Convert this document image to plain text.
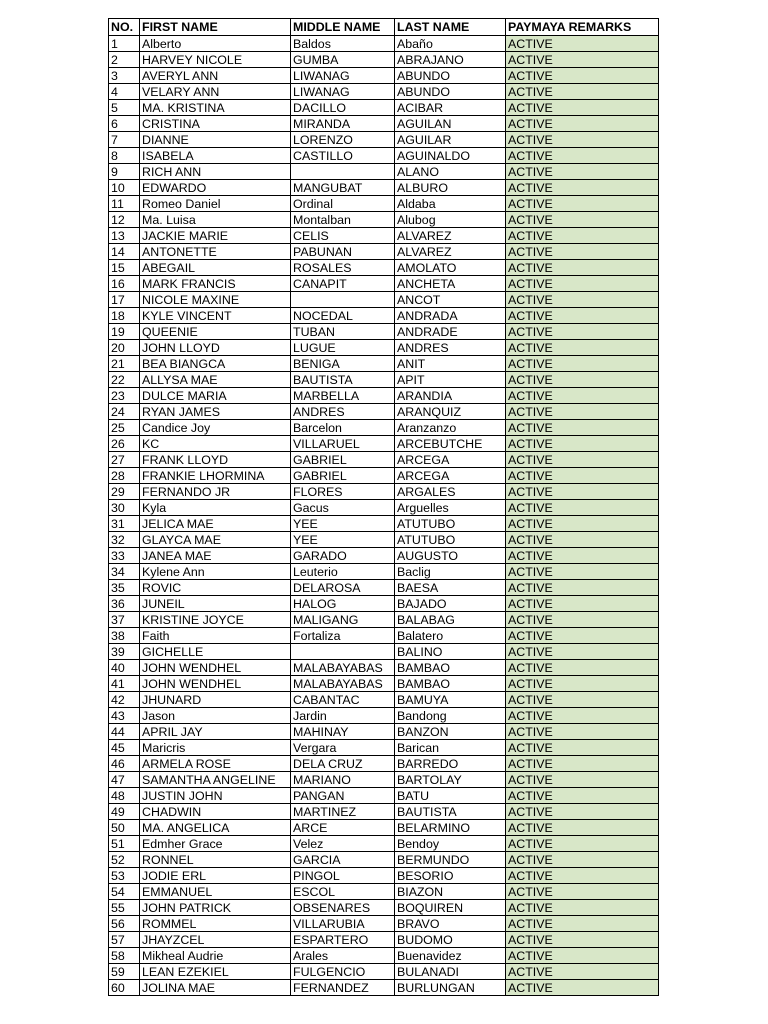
NO.	FIRST NAME	MIDDLE NAME	LAST NAME	PAYMAYA REMARKS
1	Alberto	Baldos	Abaño	ACTIVE
2	HARVEY NICOLE	GUMBA	ABRAJANO	ACTIVE
3	AVERYL ANN	LIWANAG	ABUNDO	ACTIVE
4	VELARY ANN	LIWANAG	ABUNDO	ACTIVE
5	MA. KRISTINA	DACILLO	ACIBAR	ACTIVE
6	CRISTINA	MIRANDA	AGUILAN	ACTIVE
7	DIANNE	LORENZO	AGUILAR	ACTIVE
8	ISABELA	CASTILLO	AGUINALDO	ACTIVE
9	RICH ANN		ALANO	ACTIVE
10	EDWARDO	MANGUBAT	ALBURO	ACTIVE
11	Romeo Daniel	Ordinal	Aldaba	ACTIVE
12	Ma. Luisa	Montalban	Alubog	ACTIVE
13	JACKIE MARIE	CELIS	ALVAREZ	ACTIVE
14	ANTONETTE	PABUNAN	ALVAREZ	ACTIVE
15	ABEGAIL	ROSALES	AMOLATO	ACTIVE
16	MARK FRANCIS	CANAPIT	ANCHETA	ACTIVE
17	NICOLE MAXINE		ANCOT	ACTIVE
18	KYLE VINCENT	NOCEDAL	ANDRADA	ACTIVE
19	QUEENIE	TUBAN	ANDRADE	ACTIVE
20	JOHN LLOYD	LUGUE	ANDRES	ACTIVE
21	BEA BIANGCA	BENIGA	ANIT	ACTIVE
22	ALLYSA MAE	BAUTISTA	APIT	ACTIVE
23	DULCE MARIA	MARBELLA	ARANDIA	ACTIVE
24	RYAN JAMES	ANDRES	ARANQUIZ	ACTIVE
25	Candice Joy	Barcelon	Aranzanzo	ACTIVE
26	KC	VILLARUEL	ARCEBUTCHE	ACTIVE
27	FRANK LLOYD	GABRIEL	ARCEGA	ACTIVE
28	FRANKIE LHORMINA	GABRIEL	ARCEGA	ACTIVE
29	FERNANDO JR	FLORES	ARGALES	ACTIVE
30	Kyla	Gacus	Arguelles	ACTIVE
31	JELICA MAE	YEE	ATUTUBO	ACTIVE
32	GLAYCA MAE	YEE	ATUTUBO	ACTIVE
33	JANEA MAE	GARADO	AUGUSTO	ACTIVE
34	Kylene Ann	Leuterio	Baclig	ACTIVE
35	ROVIC	DELAROSA	BAESA	ACTIVE
36	JUNEIL	HALOG	BAJADO	ACTIVE
37	KRISTINE JOYCE	MALIGANG	BALABAG	ACTIVE
38	Faith	Fortaliza	Balatero	ACTIVE
39	GICHELLE		BALINO	ACTIVE
40	JOHN WENDHEL	MALABAYABAS	BAMBAO	ACTIVE
41	JOHN WENDHEL	MALABAYABAS	BAMBAO	ACTIVE
42	JHUNARD	CABANTAC	BAMUYA	ACTIVE
43	Jason	Jardin	Bandong	ACTIVE
44	APRIL JAY	MAHINAY	BANZON	ACTIVE
45	Maricris	Vergara	Barican	ACTIVE
46	ARMELA ROSE	DELA CRUZ	BARREDO	ACTIVE
47	SAMANTHA ANGELINE	MARIANO	BARTOLAY	ACTIVE
48	JUSTIN JOHN	PANGAN	BATU	ACTIVE
49	CHADWIN	MARTINEZ	BAUTISTA	ACTIVE
50	MA. ANGELICA	ARCE	BELARMINO	ACTIVE
51	Edmher Grace	Velez	Bendoy	ACTIVE
52	RONNEL	GARCIA	BERMUNDO	ACTIVE
53	JODIE ERL	PINGOL	BESORIO	ACTIVE
54	EMMANUEL	ESCOL	BIAZON	ACTIVE
55	JOHN PATRICK	OBSENARES	BOQUIREN	ACTIVE
56	ROMMEL	VILLARUBIA	BRAVO	ACTIVE
57	JHAYZCEL	ESPARTERO	BUDOMO	ACTIVE
58	Mikheal Audrie	Arales	Buenavidez	ACTIVE
59	LEAN EZEKIEL	FULGENCIO	BULANADI	ACTIVE
60	JOLINA MAE	FERNANDEZ	BURLUNGAN	ACTIVE
